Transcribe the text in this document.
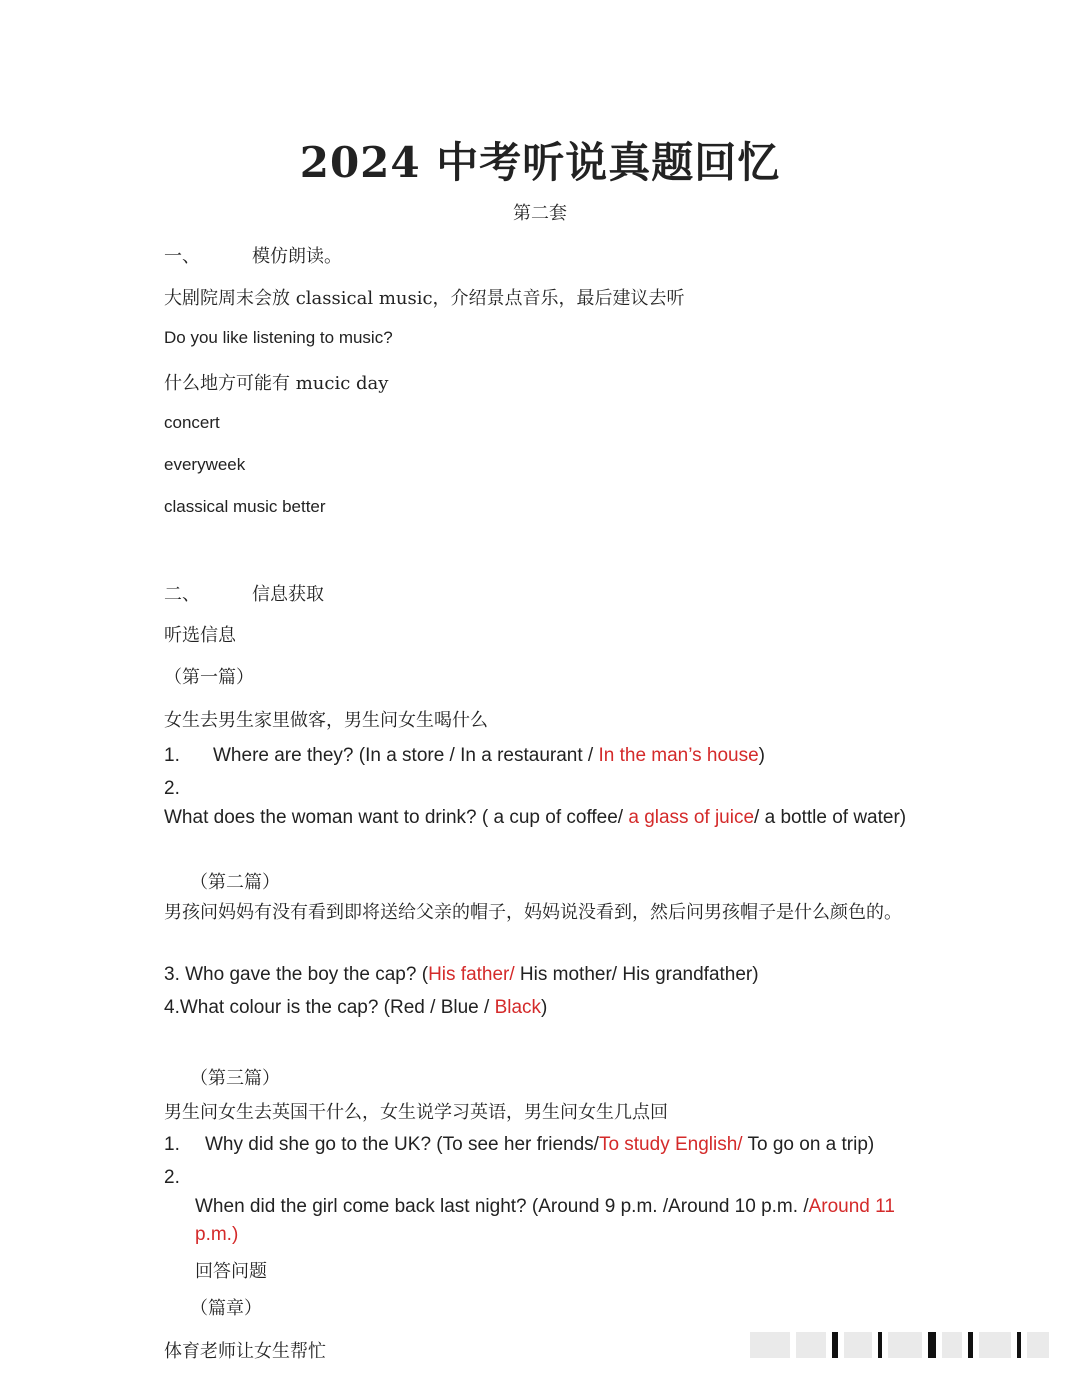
2024 中考听说真题回忆
第二套
一、	模仿朗读。
大剧院周末会放 classical music，介绍景点音乐，最后建议去听
Do you like listening to music?
什么地方可能有 mucic day
concert
everyweek
classical music better
二、	信息获取
听选信息
（第一篇）
女生去男生家里做客，男生问女生喝什么
1. Where are they? (In a store / In a restaurant / In the man’s house)
2.
What does the woman want to drink? ( a cup of coffee/ a glass of juice/ a bottle of water)
（第二篇）
男孩问妈妈有没有看到即将送给父亲的帽子，妈妈说没看到，然后问男孩帽子是什么颜色的。
3. Who gave the boy the cap? (His father/ His mother/ His grandfather)
4.What colour is the cap? (Red / Blue / Black)
（第三篇）
男生问女生去英国干什么，女生说学习英语，男生问女生几点回
1. Why did she go to the UK? (To see her friends/To study English/ To go on a trip)
2.
When did the girl come back last night? (Around 9 p.m. /Around 10 p.m. /Around 11 p.m.)
回答问题
（篇章）
体育老师让女生帮忙
